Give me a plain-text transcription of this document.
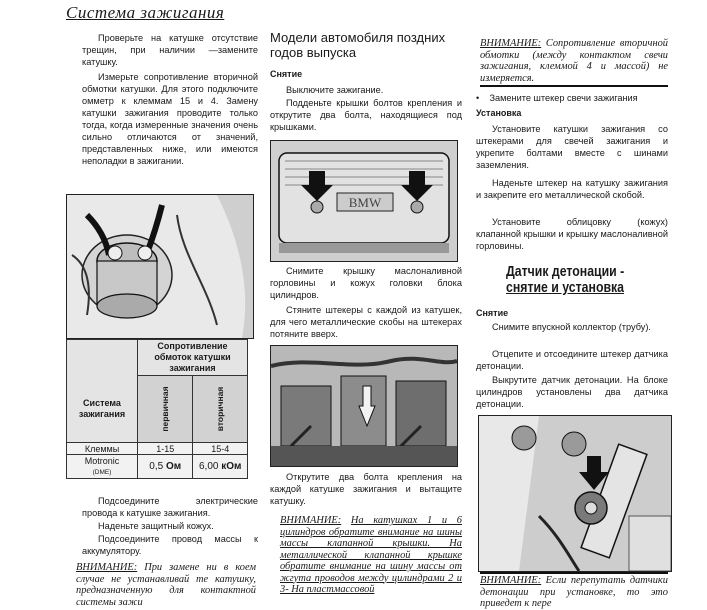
Система зажигания
Проверьте на катушке отсутствие трещин, при наличии —замените катушку.
Измерьте сопротивление вторичной обмотки катушки. Для этого подключите омметр к клеммам 15 и 4. Замену катушки зажигания проводите только тогда, когда измеренные значения очень сильно отличаются от значений, представленных ниже, или имеются неполадки в зажигании.
	Сопротивление обмоток катушки зажигания	
Система зажигания	первичная	вторичная

Клеммы	1-15	15-4
Motronic
(DME)	0,5 Ом	6,00 кОм
Подсоедините электрические провода к катушке зажигания.
Наденьте защитный кожух.
Подсоедините провод массы к аккумулятору.
ВНИМАНИЕ: При замене ни в коем случае не устанавливай те катушку, предназначенную для контактной системы зажи
Модели автомобиля поздних годов выпуска
Снятие
Выключите зажигание.
Подденьте крышки болтов крепления и открутите два болта, находящиеся под крышками.
BMW
Снимите крышку маслоналивной горловины и кожух головки блока цилиндров.
Стяните штекеры с каждой из катушек, для чего металлические скобы на штекерах потяните вверх.
Открутите два болта крепления на каждой катушке зажигания и вытащите катушку.
ВНИМАНИЕ: На катушках 1 и 6 цилиндров обратите внимание на шины массы клапанной крышки. На металлической клапанной крышке обратите внимание на шину массы от жгута проводов между цилиндрами 2 и 3- На пластмассовой
ВНИМАНИЕ: Сопротивление вторичной обмотки (между контактом свечи зажигания, клеммой 4 и массой) не измеряется.
•    Замените штекер свечи зажигания
Установка
Установите катушки зажигания со штекерами для свечей зажигания и укрепите болтами вместе с шинами заземления.
Наденьте штекер на катушку зажигания и закрепите его металлической скобой.
Установите облицовку (кожух) клапанной крышки и крышку маслоналивной горловины.
Датчик детонации -
снятие и установка
Снятие
Снимите впускной коллектор (трубу).
Отцепите и отсоедините штекер датчика детонации.
Выкрутите датчик детонации. На блоке цилиндров установлены два датчика детонации.
ВНИМАНИЕ: Если перепутать датчики детонации при установке, то это приведет к пере
